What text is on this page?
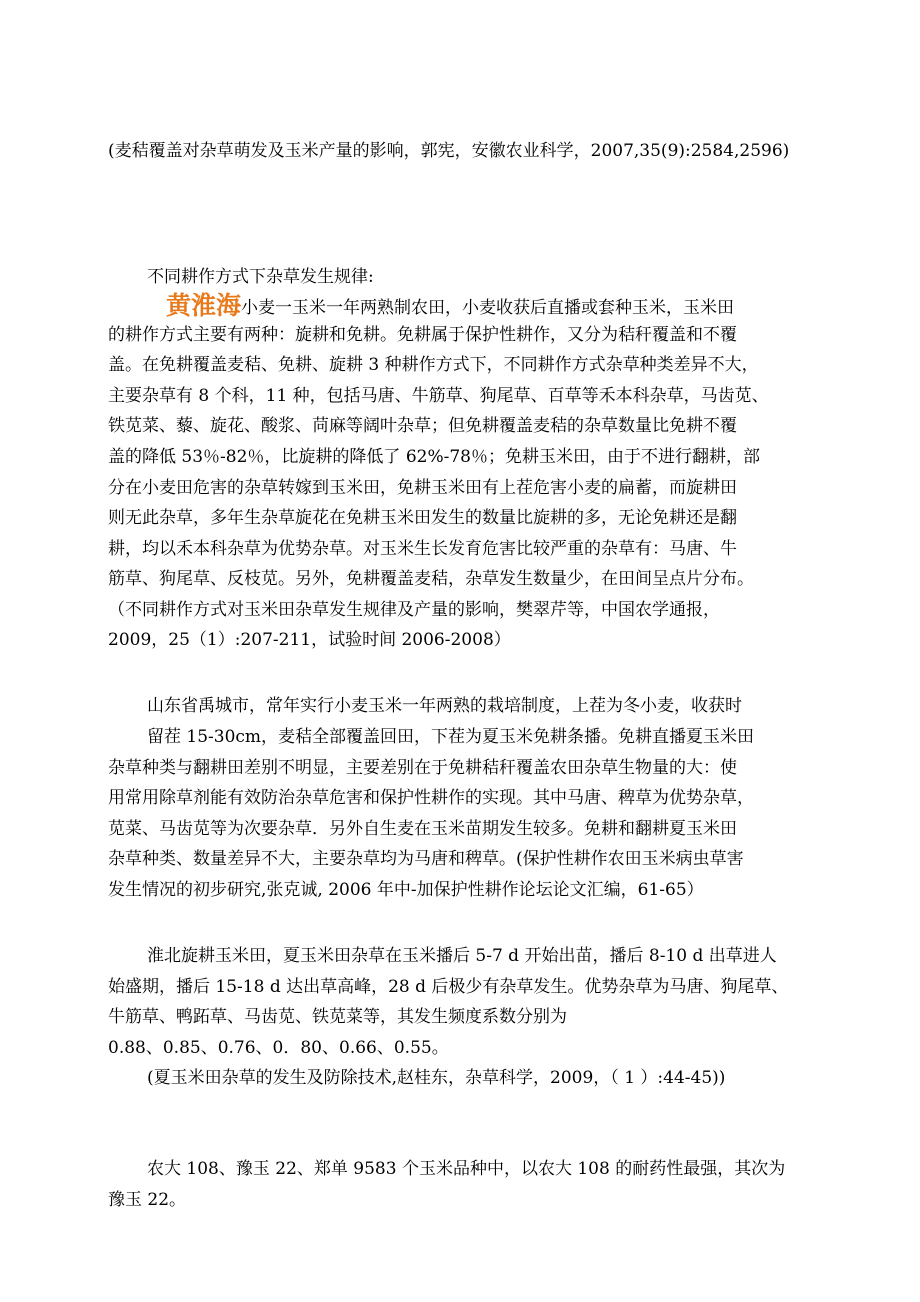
(麦秸覆盖对杂草萌发及玉米产量的影响，郭宪，安徽农业科学，2007,35(9):2584,2596)
不同耕作方式下杂草发生规律:
黄淮海小麦一玉米一年两熟制农田，小麦收获后直播或套种玉米，玉米田
的耕作方式主要有两种：旋耕和免耕。免耕属于保护性耕作，又分为秸秆覆盖和不覆
盖。在免耕覆盖麦秸、免耕、旋耕 3 种耕作方式下，不同耕作方式杂草种类差异不大，
主要杂草有 8 个科，11 种，包括马唐、牛筋草、狗尾草、百草等禾本科杂草，马齿苋、
铁苋菜、藜、旋花、酸浆、苘麻等阔叶杂草；但免耕覆盖麦秸的杂草数量比免耕不覆
盖的降低 53％-82％，比旋耕的降低了 62%-78％；免耕玉米田，由于不进行翻耕，部
分在小麦田危害的杂草转嫁到玉米田，免耕玉米田有上茬危害小麦的扁蓄，而旋耕田
则无此杂草，多年生杂草旋花在免耕玉米田发生的数量比旋耕的多，无论免耕还是翻
耕，均以禾本科杂草为优势杂草。对玉米生长发育危害比较严重的杂草有：马唐、牛
筋草、狗尾草、反枝苋。另外，免耕覆盖麦秸，杂草发生数量少，在田间呈点片分布。
（不同耕作方式对玉米田杂草发生规律及产量的影响，樊翠芹等，中国农学通报，
2009，25（1）:207-211，试验时间 2006-2008）
山东省禹城市，常年实行小麦玉米一年两熟的栽培制度，上茬为冬小麦，收获时
留茬 15-30cm，麦秸全部覆盖回田，下茬为夏玉米免耕条播。免耕直播夏玉米田
杂草种类与翻耕田差别不明显，主要差别在于免耕秸秆覆盖农田杂草生物量的大：使
用常用除草剂能有效防治杂草危害和保护性耕作的实现。其中马唐、稗草为优势杂草，
苋菜、马齿苋等为次要杂草．另外自生麦在玉米苗期发生较多。免耕和翻耕夏玉米田
杂草种类、数量差异不大，主要杂草均为马唐和稗草。(保护性耕作农田玉米病虫草害
发生情况的初步研究,张克诚, 2006 年中-加保护性耕作论坛论文汇编，61-65）
淮北旋耕玉米田，夏玉米田杂草在玉米播后 5-7 d 开始出苗，播后 8-10 d 出草进人
始盛期，播后 15-18 d 达出草高峰，28 d 后极少有杂草发生。优势杂草为马唐、狗尾草、
牛筋草、鸭跖草、马齿苋、铁苋菜等，其发生频度系数分别为
0.88、0.85、0.76、0．80、0.66、0.55。
(夏玉米田杂草的发生及防除技术,赵桂东，杂草科学，2009，（ 1 ）:44-45))
农大 108、豫玉 22、郑单 9583 个玉米品种中，以农大 108 的耐药性最强，其次为
豫玉 22。
